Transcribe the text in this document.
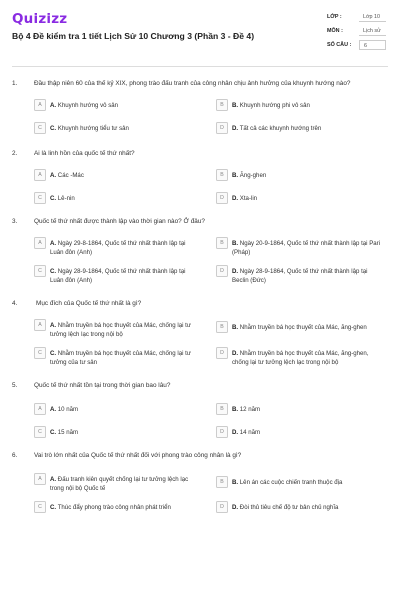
Quizizz
Bộ 4 Đề kiểm tra 1 tiết Lịch Sử 10 Chương 3 (Phần 3 - Đề 4)
LỚP :	Lớp 10
MÔN :	Lịch sử
SỐ CÂU :	6
1.	Đầu thập niên 60 của thế kỷ XIX, phong trào đấu tranh của công nhân chịu ảnh hưởng của khuynh hướng nào?
A	A. Khuynh hướng vô sản	B	B. Khuynh hướng phi vô sản
C	C. Khuynh hướng tiểu tư sản	D	D. Tất cả các khuynh hướng trên
2.	Ai là linh hồn của quốc tế thứ nhất?
A	A. Các -Mác	B	B. Ăng-ghen
C	C. Lê-nin	D	D. Xta-lin
3.	Quốc tế thứ nhất được thành lập vào thời gian nào? Ở đâu?
A	A. Ngày 29-8-1864, Quốc tế thứ nhất thành lập tại Luân đôn (Anh)
B	B. Ngày 20-9-1864, Quốc tế thứ nhất thành lập tại Pari (Pháp)
C	C. Ngày 28-9-1864, Quốc tế thứ nhất thành lập tại Luân đôn (Anh)
D	D. Ngày 28-9-1864, Quốc tế thứ nhất thành lập tại Beclin (Đức)
4.	Mục đích của Quốc tế thứ nhất là gì?
A	A. Nhằm truyền bá học thuyết của Mác, chống lại tư tưởng lệch lạc trong nội bộ
B	B. Nhằm truyền bá học thuyết của Mác, ăng-ghen
C	C. Nhằm truyền bá học thuyết của Mác, chống lại tư tưởng của tư sản
D	D. Nhằm truyền bá học thuyết của Mác, ăng-ghen, chống lại tư tưởng lệch lạc trong nội bộ
5.	Quốc tế thứ nhất tồn tại trong thời gian bao lâu?
A	A. 10 năm	B	B. 12 năm
C	C. 15 năm	D	D. 14 năm
6.	Vai trò lớn nhất của Quốc tế thứ nhất đối với phong trào công nhân là gì?
A	A. Đấu tranh kiên quyết chống lại tư tưởng lệch lạc trong nội bộ Quốc tế
B	B. Lên án các cuộc chiến tranh thuộc địa
C	C. Thúc đẩy phong trào công nhân phát triển	D	D. Đòi thủ tiêu chế độ tư bản chủ nghĩa
